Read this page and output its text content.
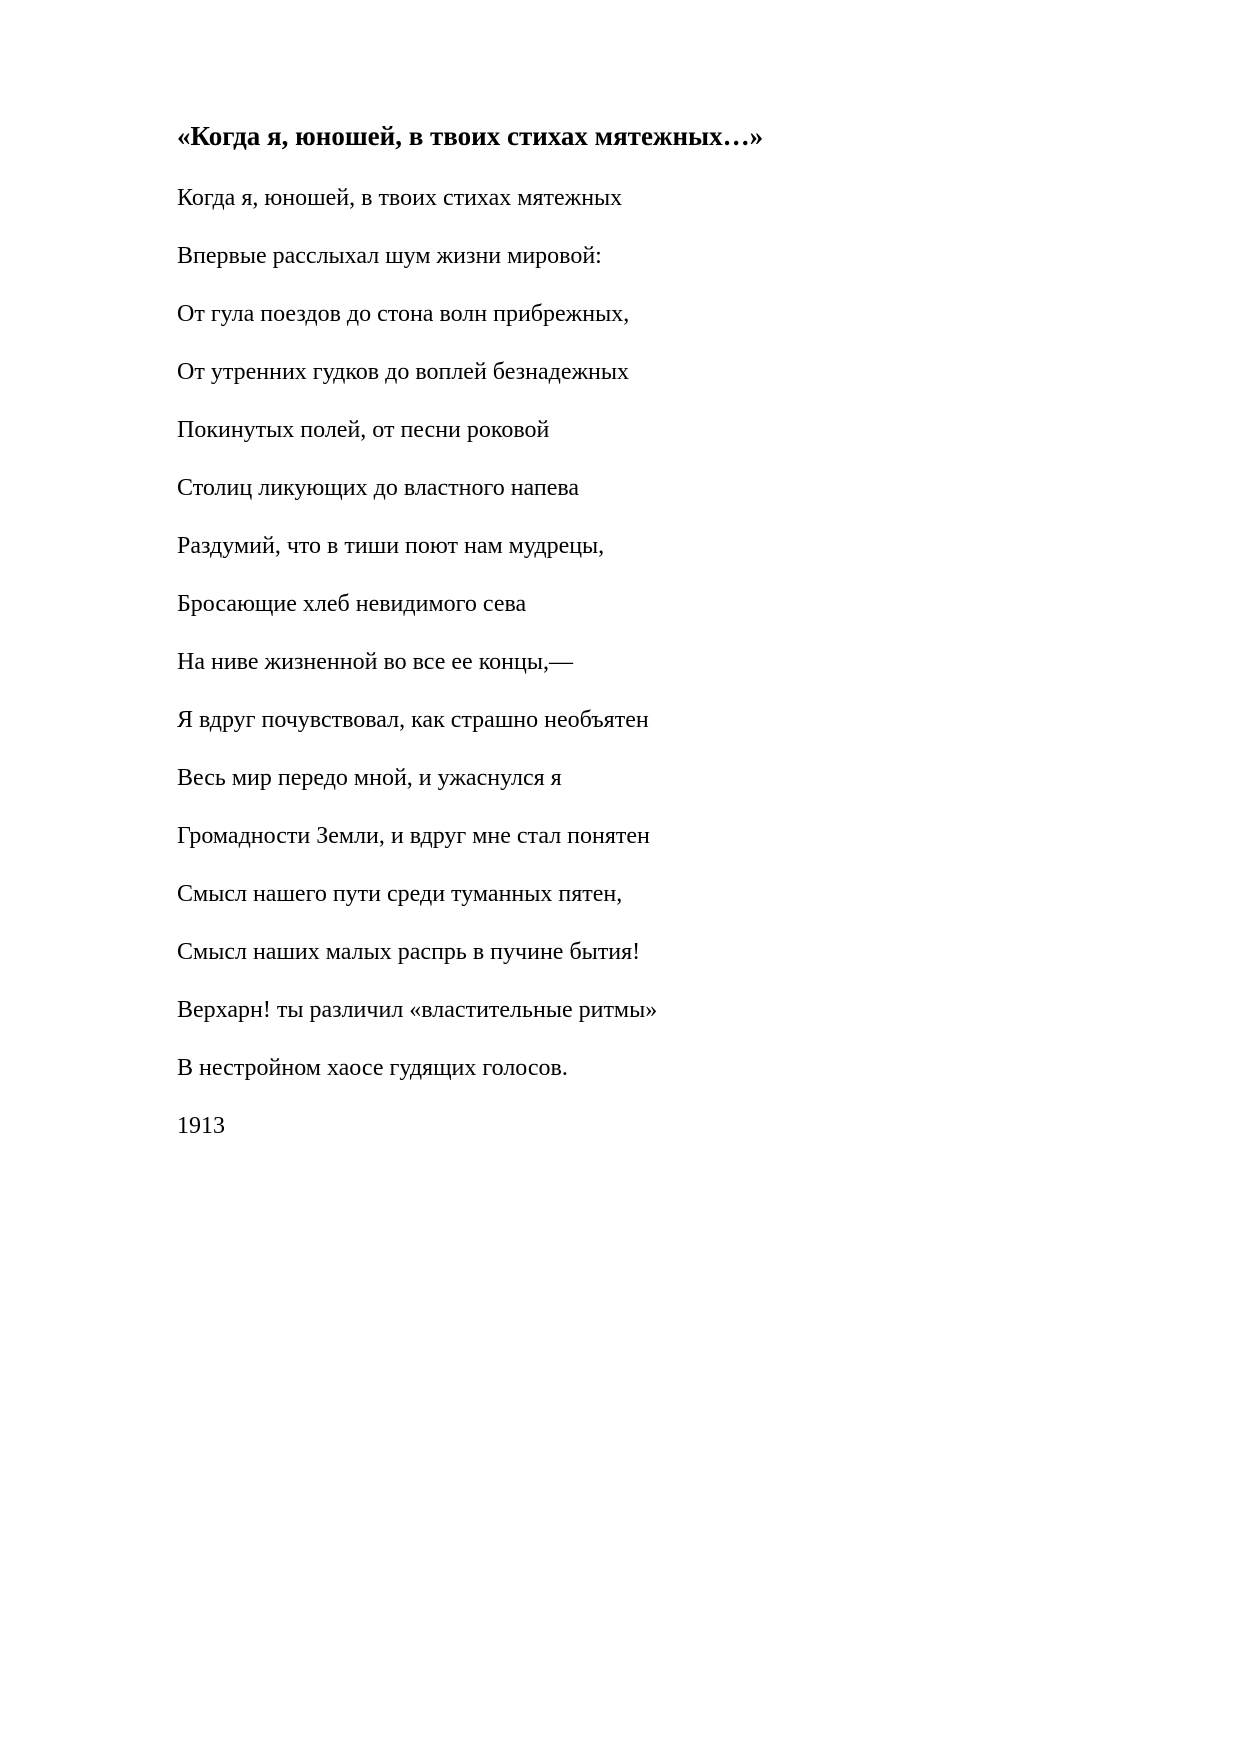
«Когда я, юношей, в твоих стихах мятежных…»
Когда я, юношей, в твоих стихах мятежных
Впервые расслыхал шум жизни мировой:
От гула поездов до стона волн прибрежных,
От утренних гудков до воплей безнадежных
Покинутых полей, от песни роковой
Столиц ликующих до властного напева
Раздумий, что в тиши поют нам мудрецы,
Бросающие хлеб невидимого сева
На ниве жизненной во все ее концы,—
Я вдруг почувствовал, как страшно необъятен
Весь мир передо мной, и ужаснулся я
Громадности Земли, и вдруг мне стал понятен
Смысл нашего пути среди туманных пятен,
Смысл наших малых распрь в пучине бытия!
Верхарн! ты различил «властительные ритмы»
В нестройном хаосе гудящих голосов.

1913
